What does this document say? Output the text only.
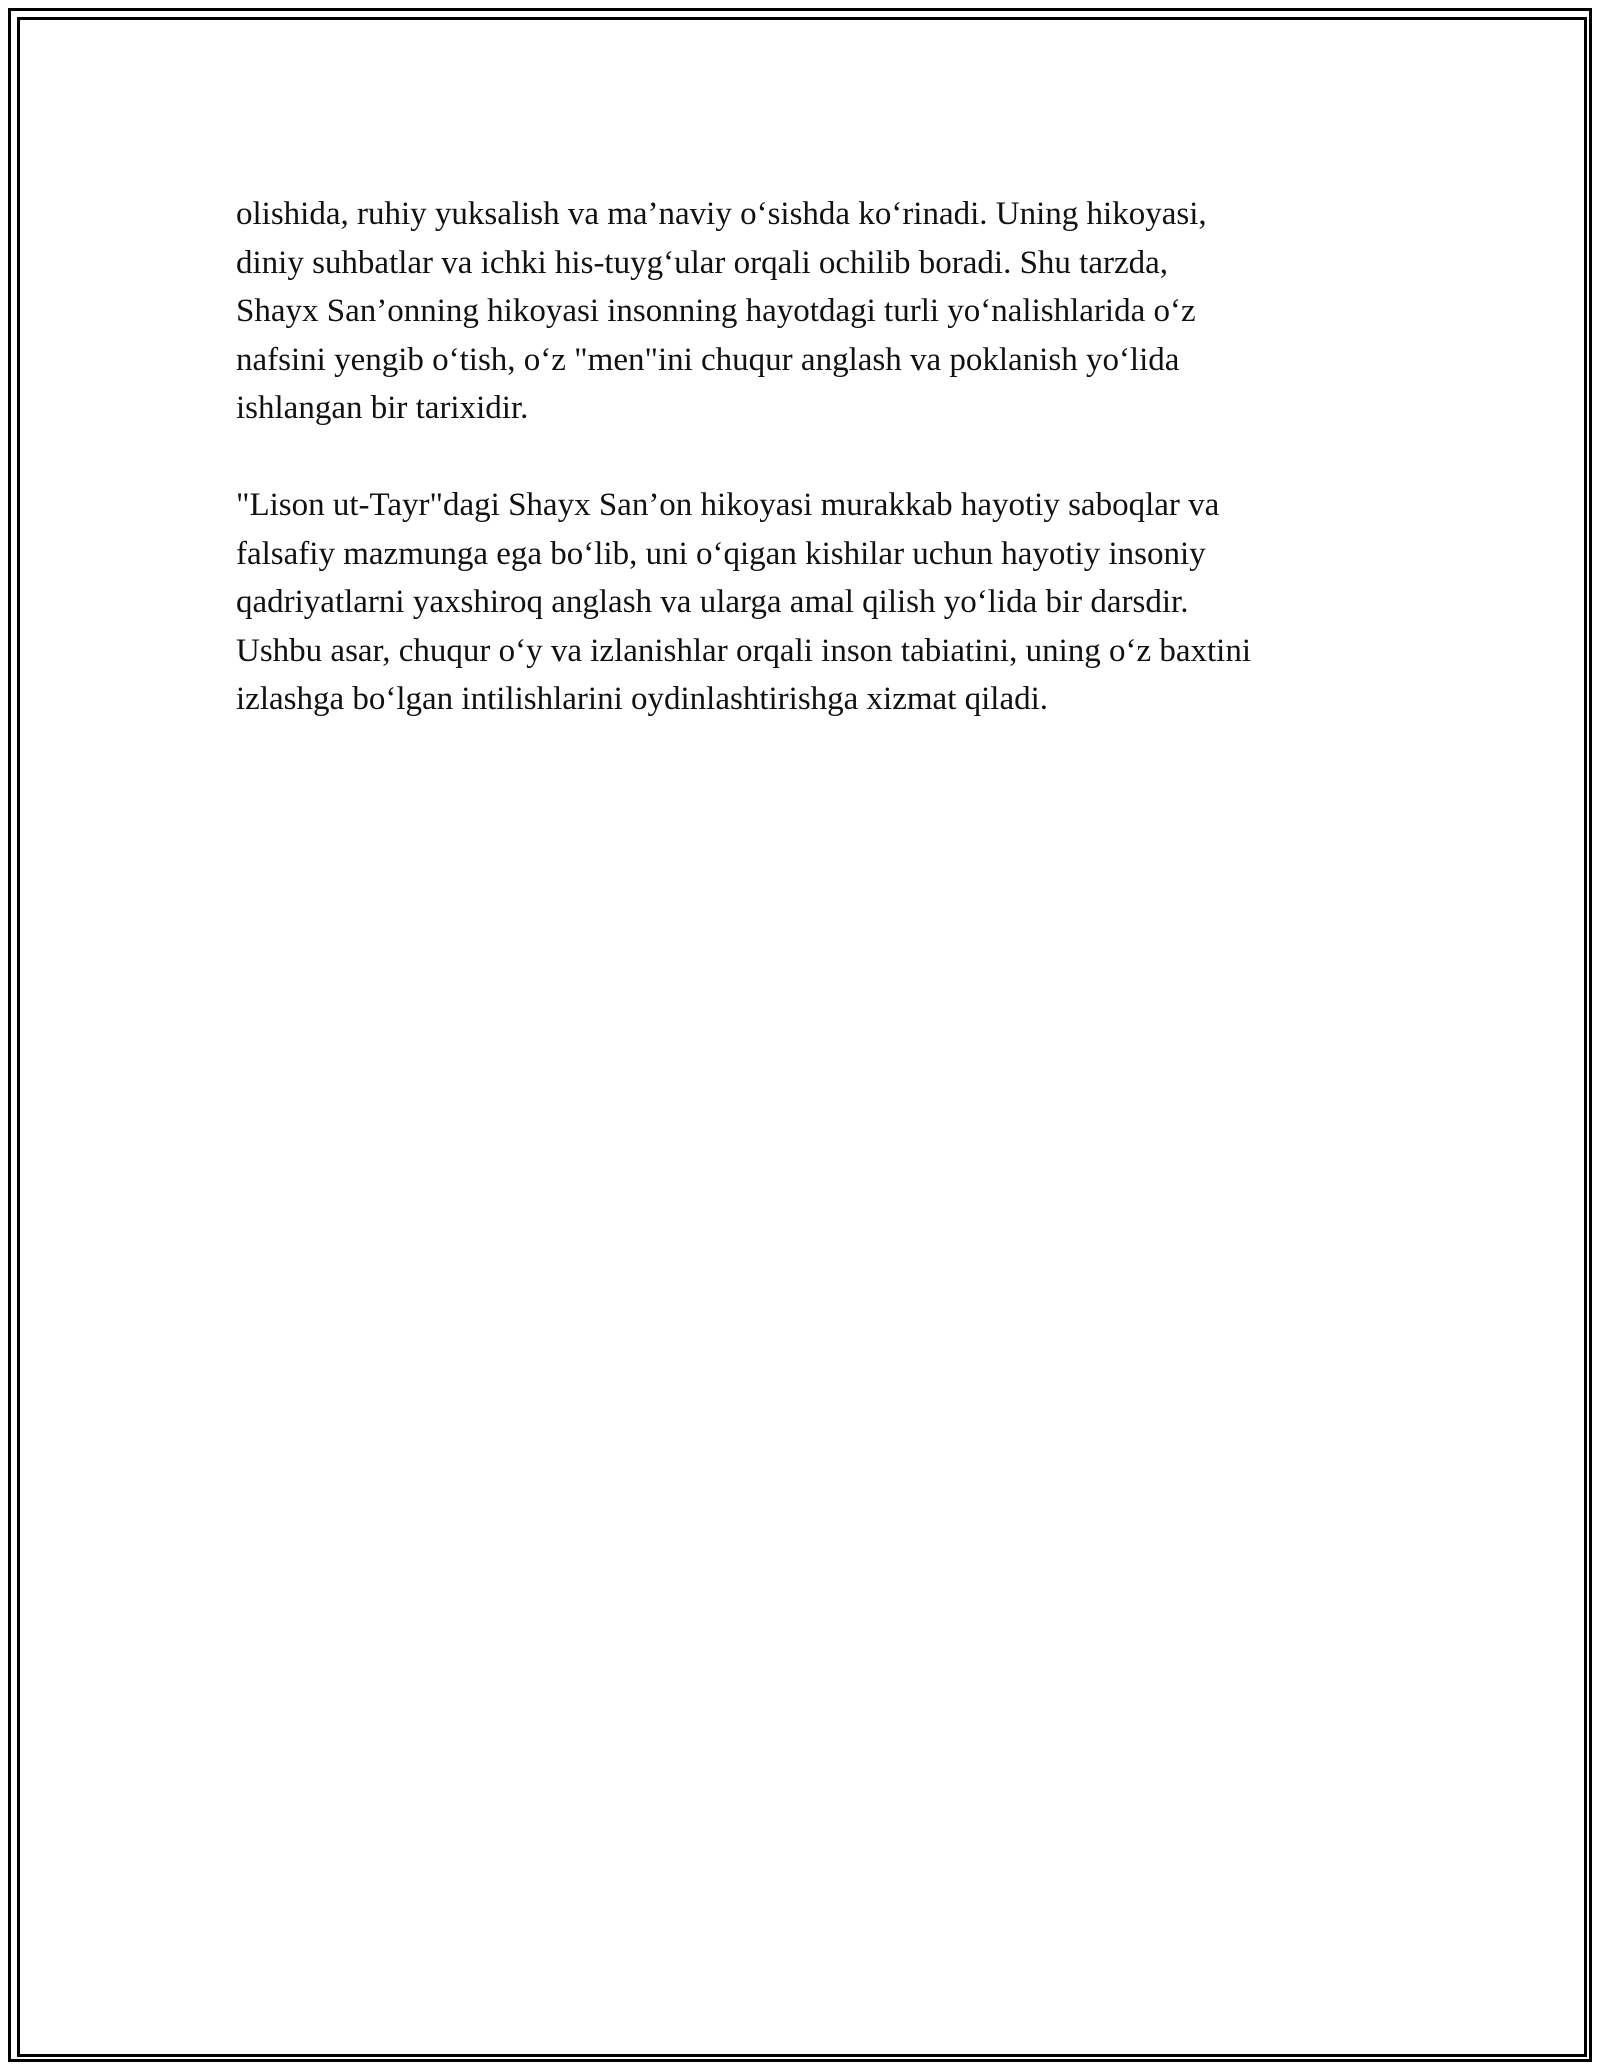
olishida, ruhiy yuksalish va ma’naviy o‘sishda ko‘rinadi. Uning hikoyasi,
diniy suhbatlar va ichki his-tuyg‘ular orqali ochilib boradi. Shu tarzda,
Shayx San’onning hikoyasi insonning hayotdagi turli yo‘nalishlarida o‘z
nafsini yengib o‘tish, o‘z "men"ini chuqur anglash va poklanish yo‘lida
ishlangan bir tarixidir.
"Lison ut-Tayr"dagi Shayx San’on hikoyasi murakkab hayotiy saboqlar va
falsafiy mazmunga ega bo‘lib, uni o‘qigan kishilar uchun hayotiy insoniy
qadriyatlarni yaxshiroq anglash va ularga amal qilish yo‘lida bir darsdir.
Ushbu asar, chuqur o‘y va izlanishlar orqali inson tabiatini, uning o‘z baxtini
izlashga bo‘lgan intilishlarini oydinlashtirishga xizmat qiladi.
